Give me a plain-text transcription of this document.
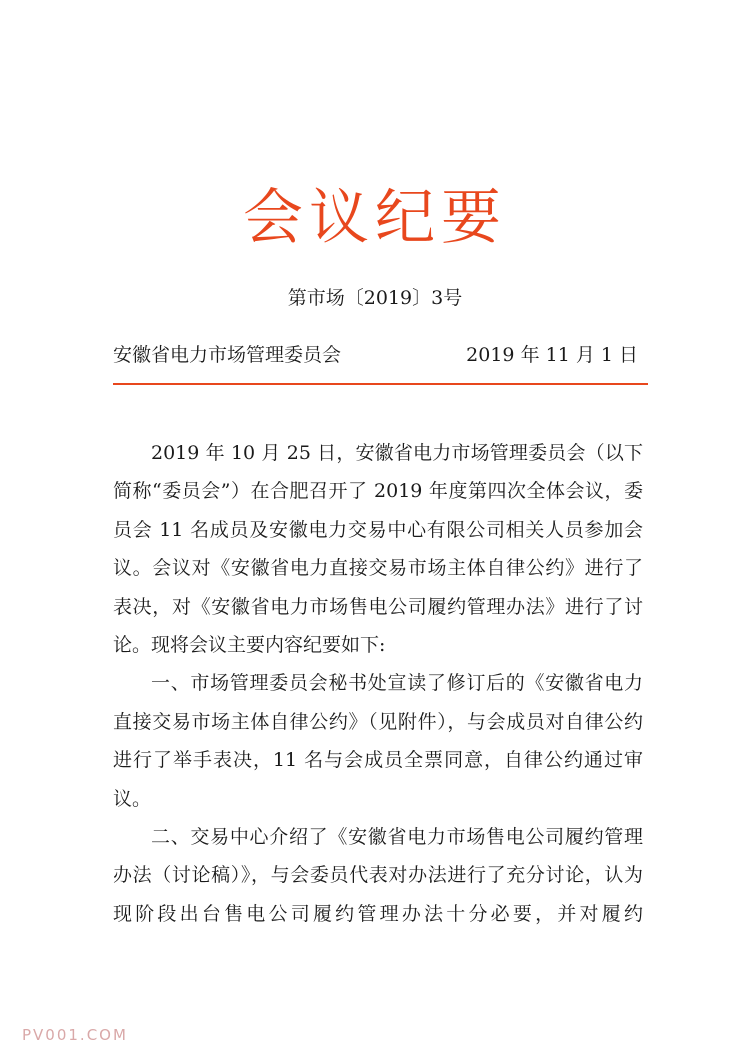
会议纪要
第市场〔2019〕3号
安徽省电力市场管理委员会	2019 年 11 月 1 日

2019 年 10 月 25 日，安徽省电力市场管理委员会（以下简称“委员会”）在合肥召开了 2019 年度第四次全体会议，委员会 11 名成员及安徽电力交易中心有限公司相关人员参加会议。会议对《安徽省电力直接交易市场主体自律公约》进行了表决，对《安徽省电力市场售电公司履约管理办法》进行了讨论。现将会议主要内容纪要如下:

一、市场管理委员会秘书处宣读了修订后的《安徽省电力直接交易市场主体自律公约》（见附件），与会成员对自律公约进行了举手表决，11 名与会成员全票同意，自律公约通过审议。

二、交易中心介绍了《安徽省电力市场售电公司履约管理办法（讨论稿）》，与会委员代表对办法进行了充分讨论，认为现阶段出台售电公司履约管理办法十分必要，并对履约

PV001.COM
